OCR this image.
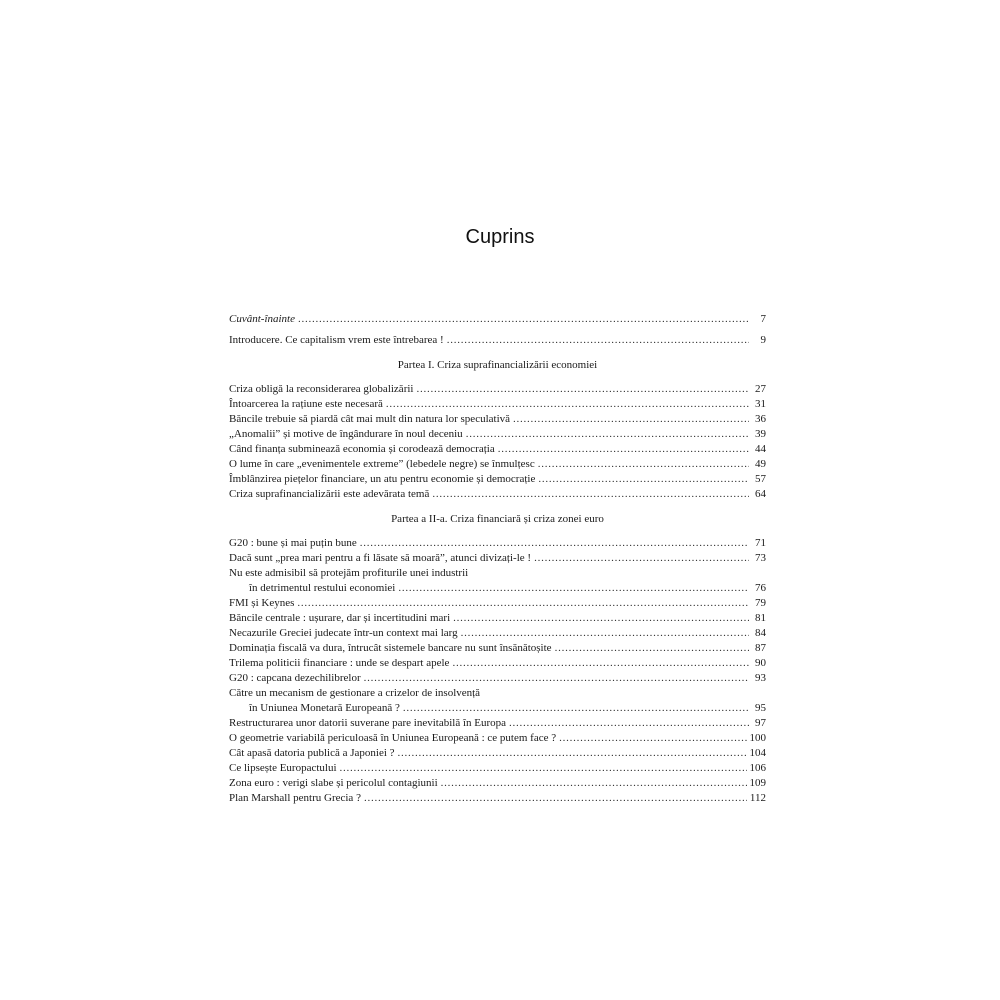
Cuprins
Cuvânt-înainte . . .	7
Introducere. Ce capitalism vrem este întrebarea ! . . .	9
Partea I. Criza suprafinancializării economiei
Criza obligă la reconsiderarea globalizării . . .	27
Întoarcerea la rațiune este necesară . . .	31
Băncile trebuie să piardă cât mai mult din natura lor speculativă . . .	36
„Anomalii” și motive de îngândurare în noul deceniu . . .	39
Când finanța subminează economia și corodează democrația . . .	44
O lume în care „evenimentele extreme” (lebedele negre) se înmulțesc . . .	49
Îmblânzirea piețelor financiare, un atu pentru economie și democrație . . .	57
Criza suprafinancializării este adevărata temă . . .	64
Partea a II-a. Criza financiară și criza zonei euro
G20 : bune și mai puțin bune . . .	71
Dacă sunt „prea mari pentru a fi lăsate să moară”, atunci divizați-le ! . . .	73
Nu este admisibil să protejăm profiturile unei industrii
în detrimentul restului economiei . . .	76
FMI și Keynes . . .	79
Băncile centrale : ușurare, dar și incertitudini mari . . .	81
Necazurile Greciei judecate într-un context mai larg . . .	84
Dominația fiscală va dura, întrucât sistemele bancare nu sunt însănătoșite . . .	87
Trilema politicii financiare : unde se despart apele . . .	90
G20 : capcana dezechilibrelor . . .	93
Către un mecanism de gestionare a crizelor de insolvență
în Uniunea Monetară Europeană ? . . .	95
Restructurarea unor datorii suverane pare inevitabilă în Europa . . .	97
O geometrie variabilă periculoasă în Uniunea Europeană : ce putem face ? . . .	100
Cât apasă datoria publică a Japoniei ? . . .	104
Ce lipsește Europactului . . .	106
Zona euro : verigi slabe și pericolul contagiunii . . .	109
Plan Marshall pentru Grecia ? . . .	112
